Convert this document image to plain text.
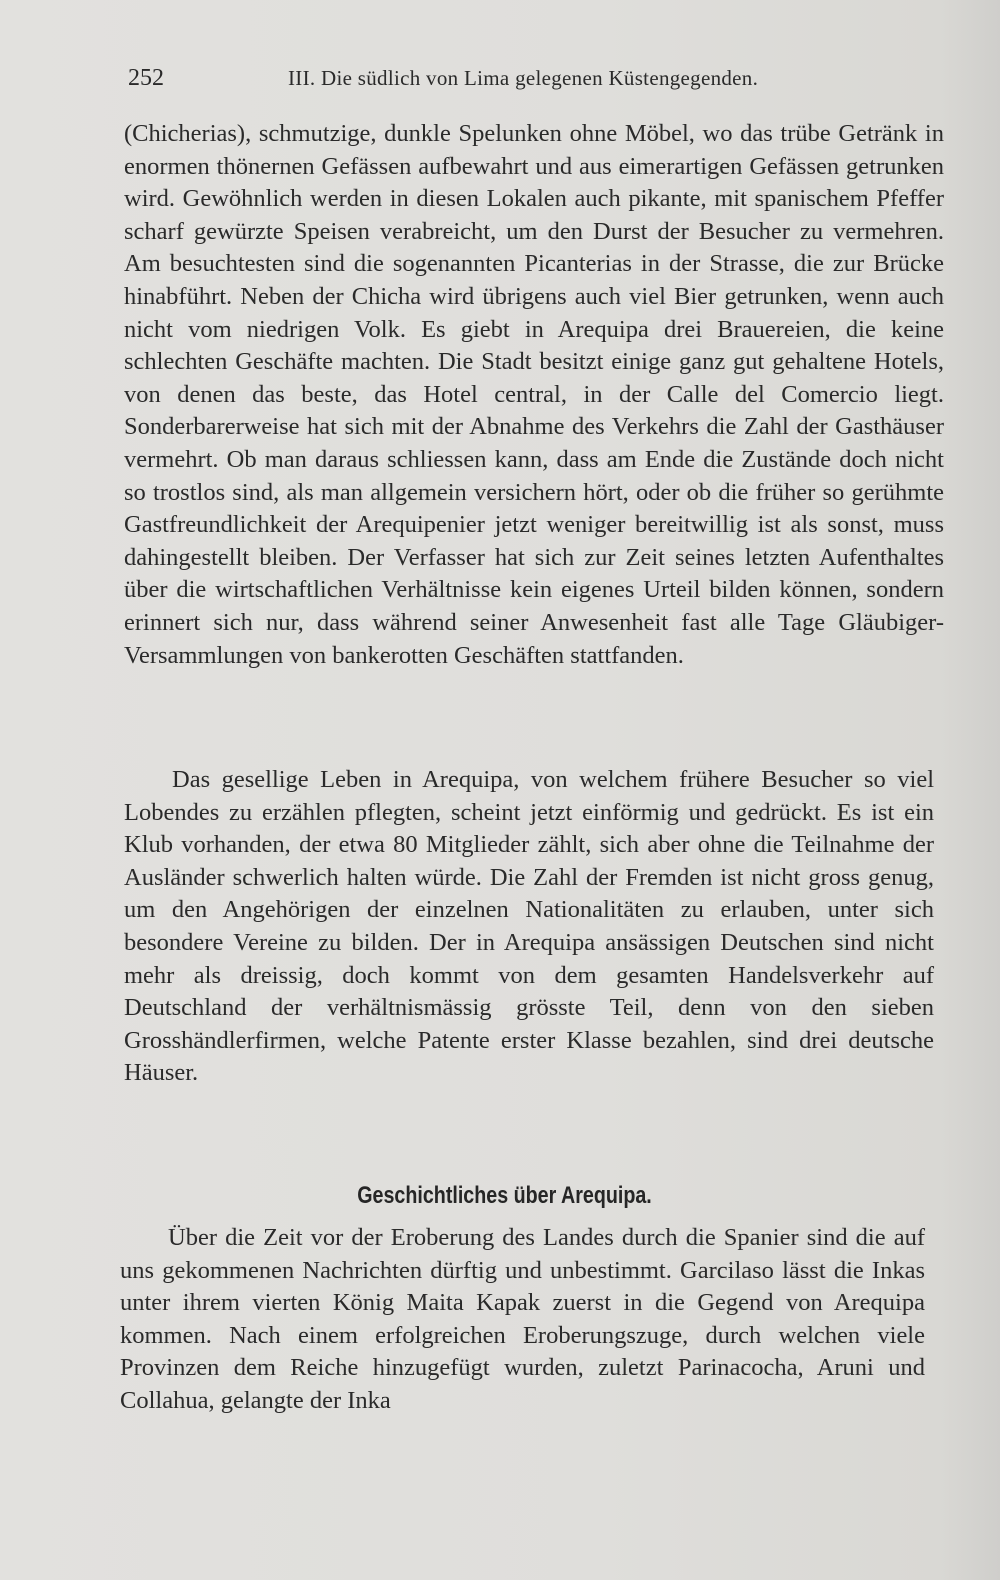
252	III. Die südlich von Lima gelegenen Küstengegenden.
(Chicherias), schmutzige, dunkle Spelunken ohne Möbel, wo das trübe Getränk in enormen thönernen Gefässen aufbewahrt und aus eimerartigen Gefässen getrunken wird. Gewöhnlich werden in diesen Lokalen auch pikante, mit spanischem Pfeffer scharf gewürzte Speisen verabreicht, um den Durst der Besucher zu vermehren. Am besuchtesten sind die sogenannten Picanterias in der Strasse, die zur Brücke hinabführt. Neben der Chicha wird übrigens auch viel Bier getrunken, wenn auch nicht vom niedrigen Volk. Es giebt in Arequipa drei Brauereien, die keine schlechten Geschäfte machten. Die Stadt besitzt einige ganz gut gehaltene Hotels, von denen das beste, das Hotel central, in der Calle del Comercio liegt. Sonderbarerweise hat sich mit der Abnahme des Verkehrs die Zahl der Gasthäuser vermehrt. Ob man daraus schliessen kann, dass am Ende die Zustände doch nicht so trostlos sind, als man allgemein versichern hört, oder ob die früher so gerühmte Gastfreundlichkeit der Arequipenier jetzt weniger bereitwillig ist als sonst, muss dahingestellt bleiben. Der Verfasser hat sich zur Zeit seines letzten Aufenthaltes über die wirtschaftlichen Verhältnisse kein eigenes Urteil bilden können, sondern erinnert sich nur, dass während seiner Anwesenheit fast alle Tage Gläubiger-Versammlungen von bankerotten Geschäften stattfanden.
Das gesellige Leben in Arequipa, von welchem frühere Besucher so viel Lobendes zu erzählen pflegten, scheint jetzt einförmig und gedrückt. Es ist ein Klub vorhanden, der etwa 80 Mitglieder zählt, sich aber ohne die Teilnahme der Ausländer schwerlich halten würde. Die Zahl der Fremden ist nicht gross genug, um den Angehörigen der einzelnen Nationalitäten zu erlauben, unter sich besondere Vereine zu bilden. Der in Arequipa ansässigen Deutschen sind nicht mehr als dreissig, doch kommt von dem gesamten Handelsverkehr auf Deutschland der verhältnismässig grösste Teil, denn von den sieben Grosshändlerfirmen, welche Patente erster Klasse bezahlen, sind drei deutsche Häuser.
Geschichtliches über Arequipa.
Über die Zeit vor der Eroberung des Landes durch die Spanier sind die auf uns gekommenen Nachrichten dürftig und unbestimmt. Garcilaso lässt die Inkas unter ihrem vierten König Maita Kapak zuerst in die Gegend von Arequipa kommen. Nach einem erfolgreichen Eroberungszuge, durch welchen viele Provinzen dem Reiche hinzugefügt wurden, zuletzt Parinacocha, Aruni und Collahua, gelangte der Inka
